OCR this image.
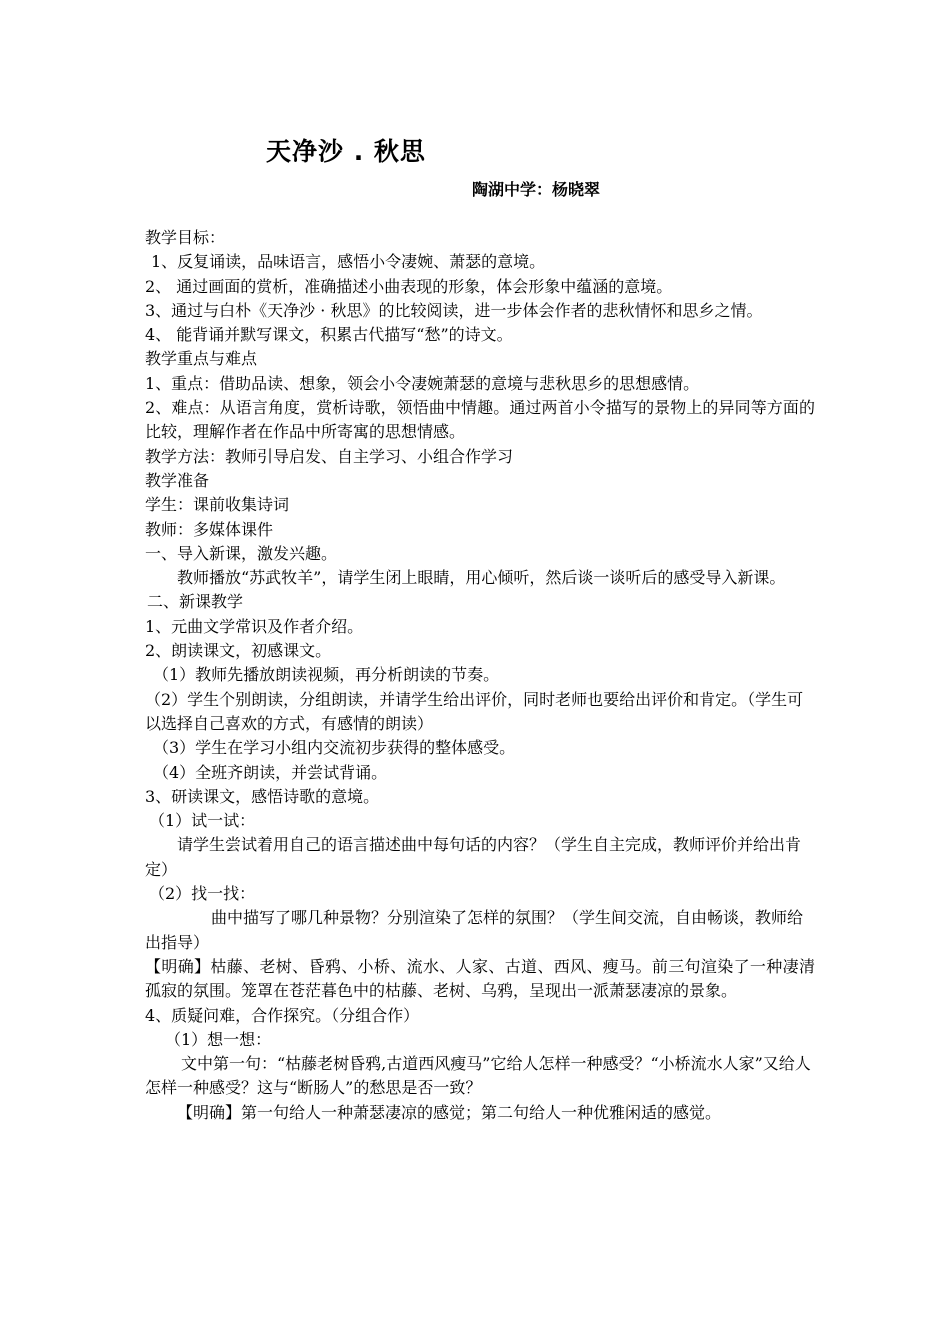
天净沙 . 秋思
陶湖中学：杨晓翠

教学目标：

1、反复诵读，品味语言，感悟小令凄婉、萧瑟的意境。

2、 通过画面的赏析，准确描述小曲表现的形象，体会形象中蕴涵的意境。

3、通过与白朴《天净沙 · 秋思》的比较阅读，进一步体会作者的悲秋情怀和思乡之情。

4、 能背诵并默写课文，积累古代描写“愁”的诗文。

教学重点与难点

1、重点：借助品读、想象，领会小令凄婉萧瑟的意境与悲秋思乡的思想感情。

2、难点：从语言角度，赏析诗歌，领悟曲中情趣。通过两首小令描写的景物上的异同等方面的比较，理解作者在作品中所寄寓的思想情感。

教学方法：教师引导启发、自主学习、小组合作学习

教学准备

学生：课前收集诗词

教师：多媒体课件

一、导入新课，激发兴趣。

教师播放“苏武牧羊”，请学生闭上眼睛，用心倾听，然后谈一谈听后的感受导入新课。

二、新课教学

1、元曲文学常识及作者介绍。

2、朗读课文，初感课文。

（1）教师先播放朗读视频，再分析朗读的节奏。

（2）学生个别朗读，分组朗读，并请学生给出评价，同时老师也要给出评价和肯定。（学生可以选择自己喜欢的方式，有感情的朗读）

（3）学生在学习小组内交流初步获得的整体感受。

（4）全班齐朗读，并尝试背诵。

3、研读课文，感悟诗歌的意境。

（1）试一试：

请学生尝试着用自己的语言描述曲中每句话的内容？（学生自主完成，教师评价并给出肯定）

（2）找一找：

曲中描写了哪几种景物？分别渲染了怎样的氛围？（学生间交流，自由畅谈，教师给出指导）

【明确】枯藤、老树、昏鸦、小桥、流水、人家、古道、西风、瘦马。前三句渲染了一种凄清孤寂的氛围。笼罩在苍茫暮色中的枯藤、老树、乌鸦，呈现出一派萧瑟凄凉的景象。

4、质疑问难，合作探究。（分组合作）

（1）想一想：

文中第一句：“枯藤老树昏鸦,古道西风瘦马”它给人怎样一种感受？“小桥流水人家”又给人怎样一种感受？这与“断肠人”的愁思是否一致？

【明确】第一句给人一种萧瑟凄凉的感觉；第二句给人一种优雅闲适的感觉。
